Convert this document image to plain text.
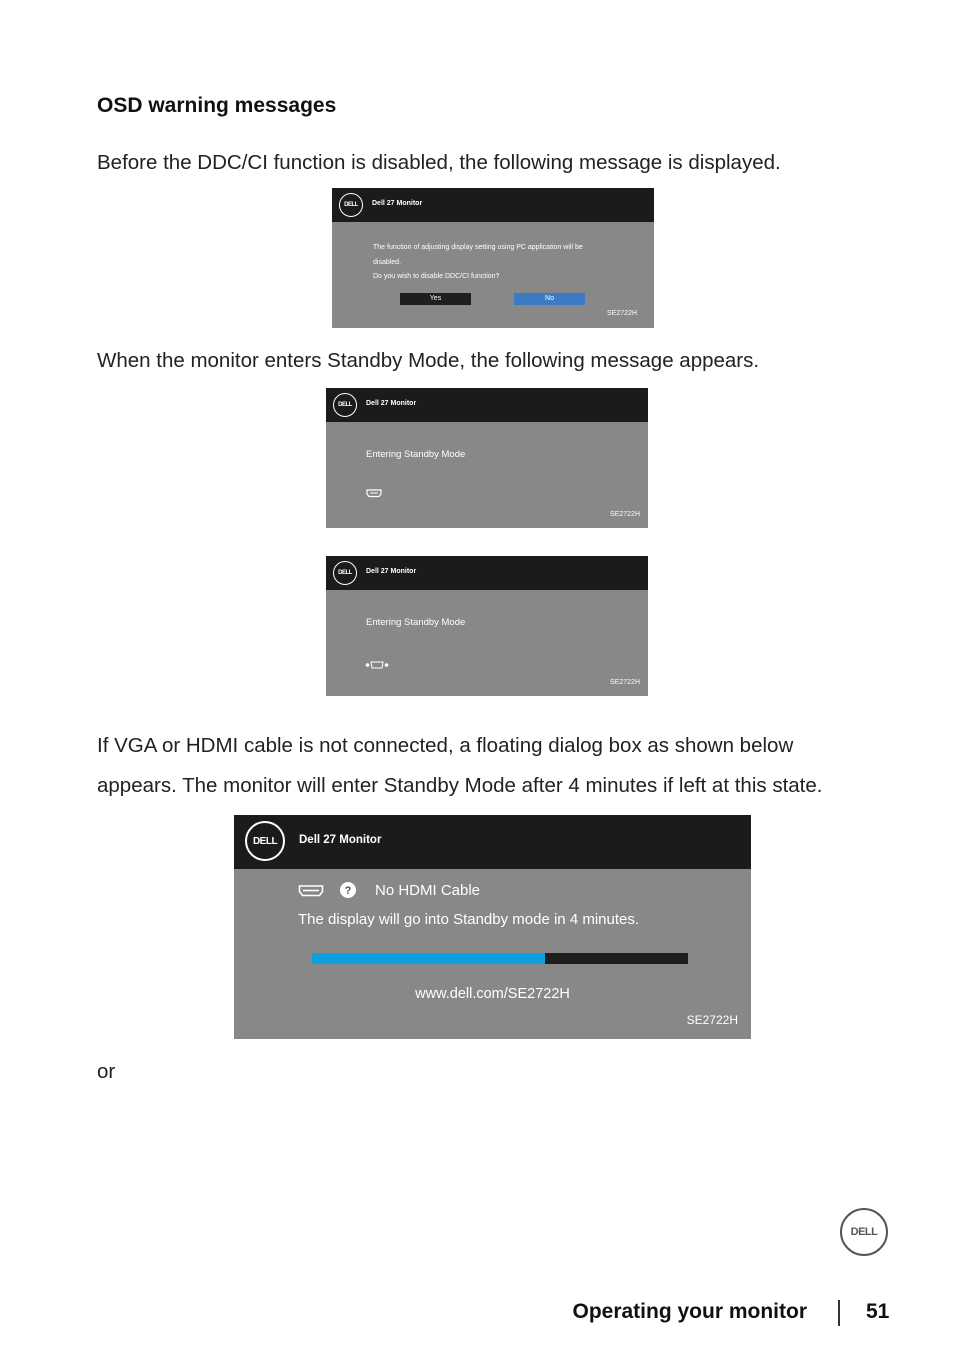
OSD warning messages
Before the DDC/CI function is disabled, the following message is displayed.
DELL	Dell 27 Monitor
The function of adjusting display setting using PC application will be
disabled.
Do you wish to disable DDC/CI function?
Yes	No
SE2722H
When the monitor enters Standby Mode, the following message appears.
DELL	Dell 27 Monitor
Entering Standby Mode
SE2722H
DELL	Dell 27 Monitor
Entering Standby Mode
SE2722H
If VGA or HDMI cable is not connected, a floating dialog box as shown below
appears. The monitor will enter Standby Mode after 4 minutes if left at this state.
DELL	Dell 27 Monitor
? No HDMI Cable
The display will go into Standby mode in 4 minutes.
www.dell.com/SE2722H
SE2722H
or
DELL
Operating your monitor	51
